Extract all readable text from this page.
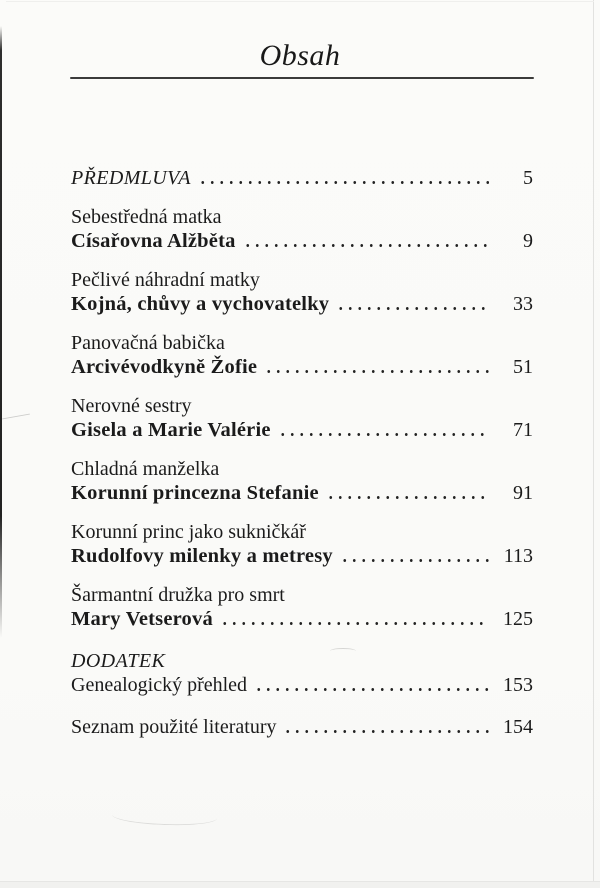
Obsah
PŘEDMLUVA	5
Sebestředná matka
Císařovna Alžběta	9
Pečlivé náhradní matky
Kojná, chůvy a vychovatelky	33
Panovačná babička
Arcivévodkyně Žofie	51
Nerovné sestry
Gisela a Marie Valérie	71
Chladná manželka
Korunní princezna Stefanie	91
Korunní princ jako sukničkář
Rudolfovy milenky a metresy	113
Šarmantní družka pro smrt
Mary Vetserová	125
DODATEK
Genealogický přehled	153
Seznam použité literatury	154
